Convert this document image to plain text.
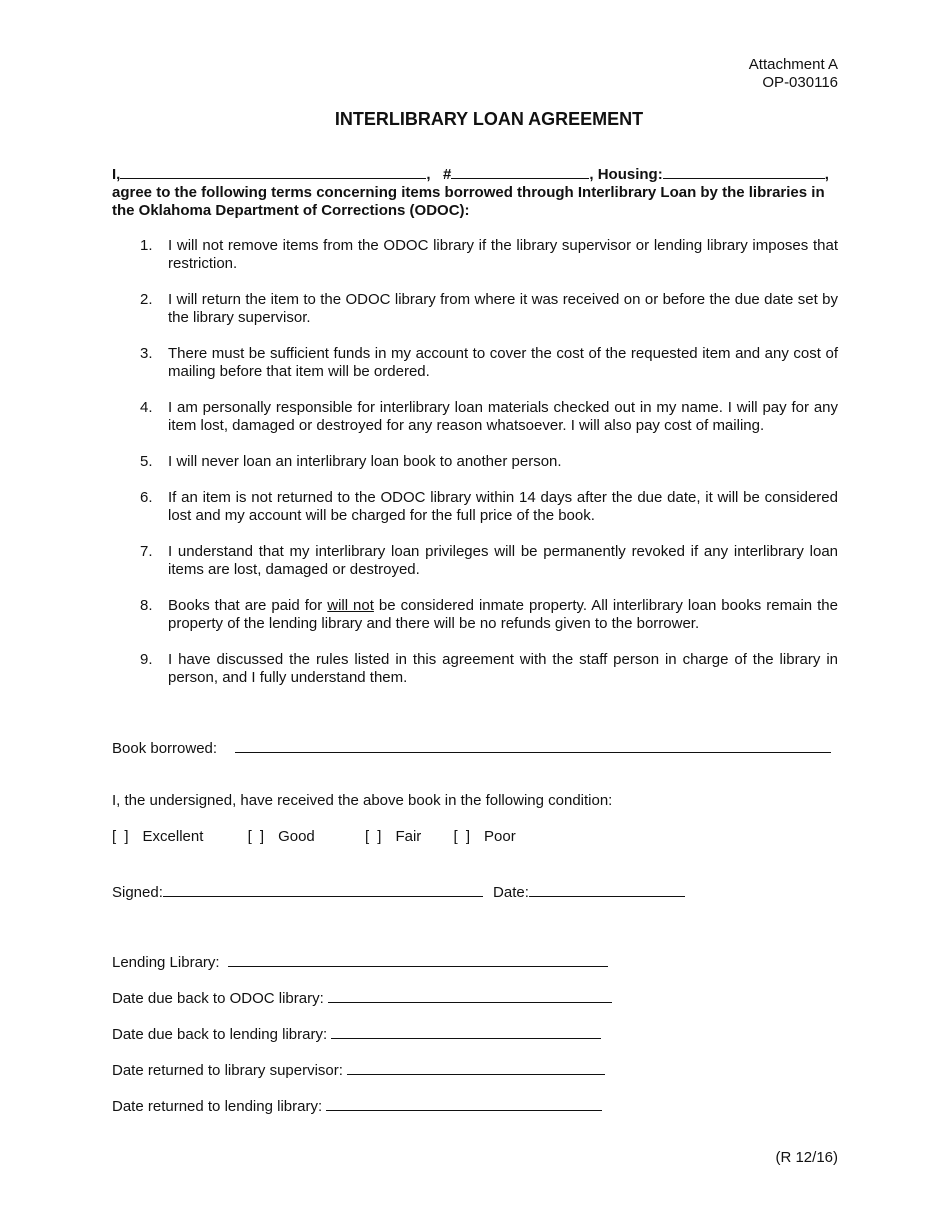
Attachment A
OP-030116
INTERLIBRARY LOAN AGREEMENT
I,	,   #	, Housing:	, agree to the following terms concerning items borrowed through Interlibrary Loan by the libraries in the Oklahoma Department of Corrections (ODOC):
1. I will not remove items from the ODOC library if the library supervisor or lending library imposes that restriction.
2. I will return the item to the ODOC library from where it was received on or before the due date set by the library supervisor.
3. There must be sufficient funds in my account to cover the cost of the requested item and any cost of mailing before that item will be ordered.
4. I am personally responsible for interlibrary loan materials checked out in my name. I will pay for any item lost, damaged or destroyed for any reason whatsoever. I will also pay cost of mailing.
5. I will never loan an interlibrary loan book to another person.
6. If an item is not returned to the ODOC library within 14 days after the due date, it will be considered lost and my account will be charged for the full price of the book.
7. I understand that my interlibrary loan privileges will be permanently revoked if any interlibrary loan items are lost, damaged or destroyed.
8. Books that are paid for will not be considered inmate property. All interlibrary loan books remain the property of the lending library and there will be no refunds given to the borrower.
9. I have discussed the rules listed in this agreement with the staff person in charge of the library in person, and I fully understand them.
Book borrowed:
I, the undersigned, have received the above book in the following condition:
[ ] Excellent	[ ] Good	[ ] Fair [ ] Poor
Signed:	Date:
Lending Library:
Date due back to ODOC library:
Date due back to lending library:
Date returned to library supervisor:
Date returned to lending library:
(R 12/16)
